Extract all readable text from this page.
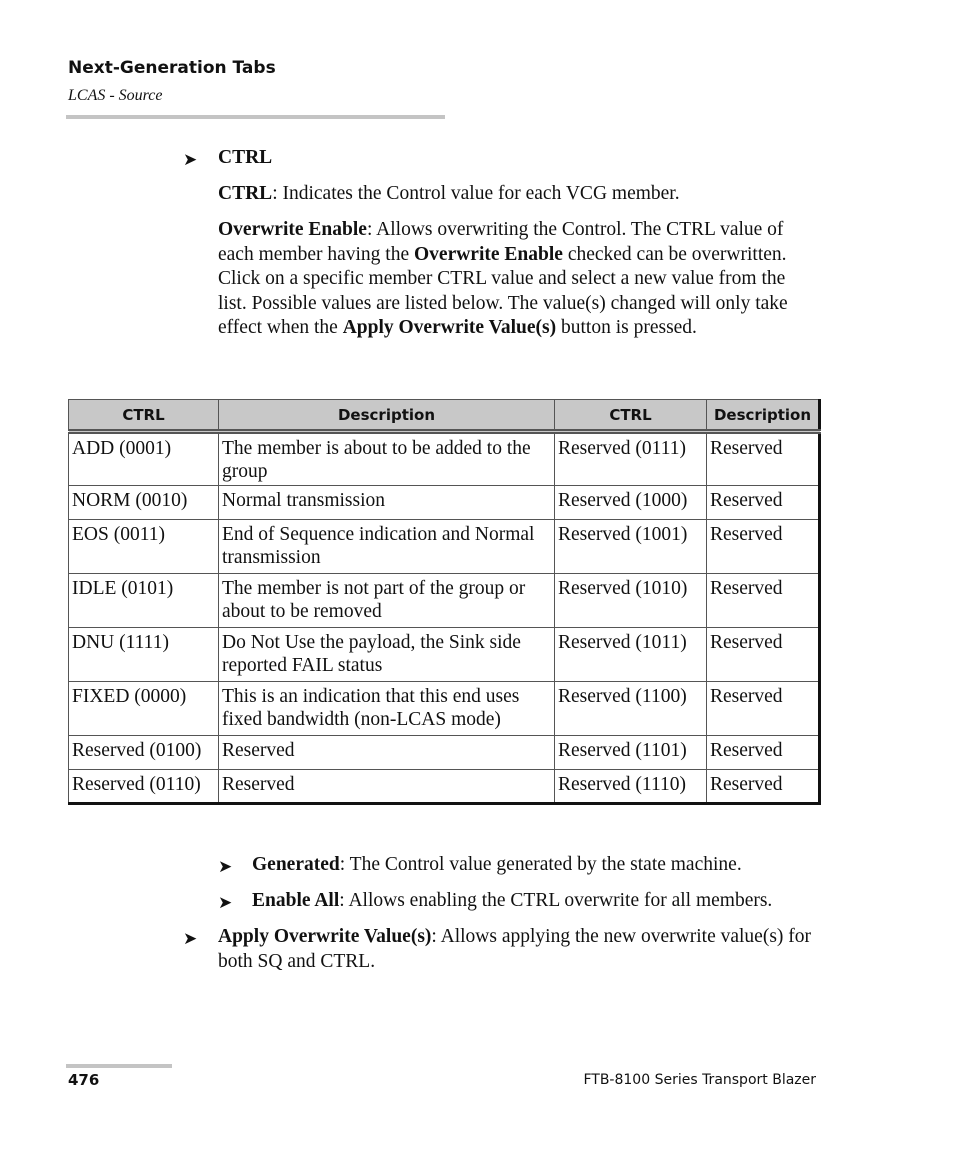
Next-Generation Tabs
LCAS - Source
➤ CTRL
CTRL: Indicates the Control value for each VCG member.
Overwrite Enable: Allows overwriting the Control. The CTRL value of each member having the Overwrite Enable checked can be overwritten. Click on a specific member CTRL value and select a new value from the list. Possible values are listed below. The value(s) changed will only take effect when the Apply Overwrite Value(s) button is pressed.
CTRL	Description	CTRL	Description
ADD (0001)	The member is about to be added to the group	Reserved (0111)	Reserved
NORM (0010)	Normal transmission	Reserved (1000)	Reserved
EOS (0011)	End of Sequence indication and Normal transmission	Reserved (1001)	Reserved
IDLE (0101)	The member is not part of the group or about to be removed	Reserved (1010)	Reserved
DNU (1111)	Do Not Use the payload, the Sink side reported FAIL status	Reserved (1011)	Reserved
FIXED (0000)	This is an indication that this end uses fixed bandwidth (non-LCAS mode)	Reserved (1100)	Reserved
Reserved (0100)	Reserved	Reserved (1101)	Reserved
Reserved (0110)	Reserved	Reserved (1110)	Reserved
➤ Generated: The Control value generated by the state machine.
➤ Enable All: Allows enabling the CTRL overwrite for all members.
➤ Apply Overwrite Value(s): Allows applying the new overwrite value(s) for both SQ and CTRL.
476	FTB-8100 Series Transport Blazer
